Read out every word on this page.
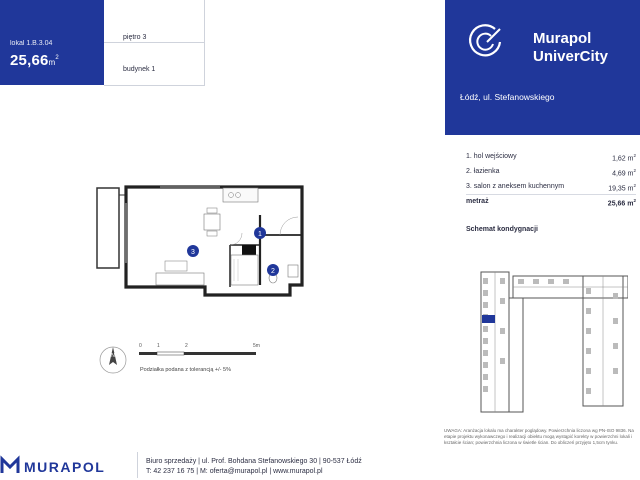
lokal 1.B.3.04
$25,66m^2$
piętro 3
budynek 1
Murapol
UniverCity
Łódź, ul. Stefanowskiego
1. hol wejściowy	1,62 $m^2$
2. łazienka	4,69 $m^2$
3. salon z aneksem kuchennym	19,35 $m^2$
metraż	25,66 $m^2$
Schemat kondygnacji
1
2
3
N
0	1	2	5m
Podziałka podana z tolerancją +/- 5%
MURAPOL	Biuro sprzedaży | ul. Prof. Bohdana Stefanowskiego 30 | 90-537 Łódź
T: 42 237 16 75 | M: oferta@murapol.pl | www.murapol.pl
UWAGA: Aranżacja lokalu ma charakter poglądowy. Powierzchnia liczona wg PN-ISO 9836. Na etapie projektu wykonawczego i realizacji obiektu mogą wystąpić korekty w powierzchni lokali i kształcie ścian; powierzchnia liczona w świetle ścian. Do obliczeń przyjęto 1,5cm tynku.
